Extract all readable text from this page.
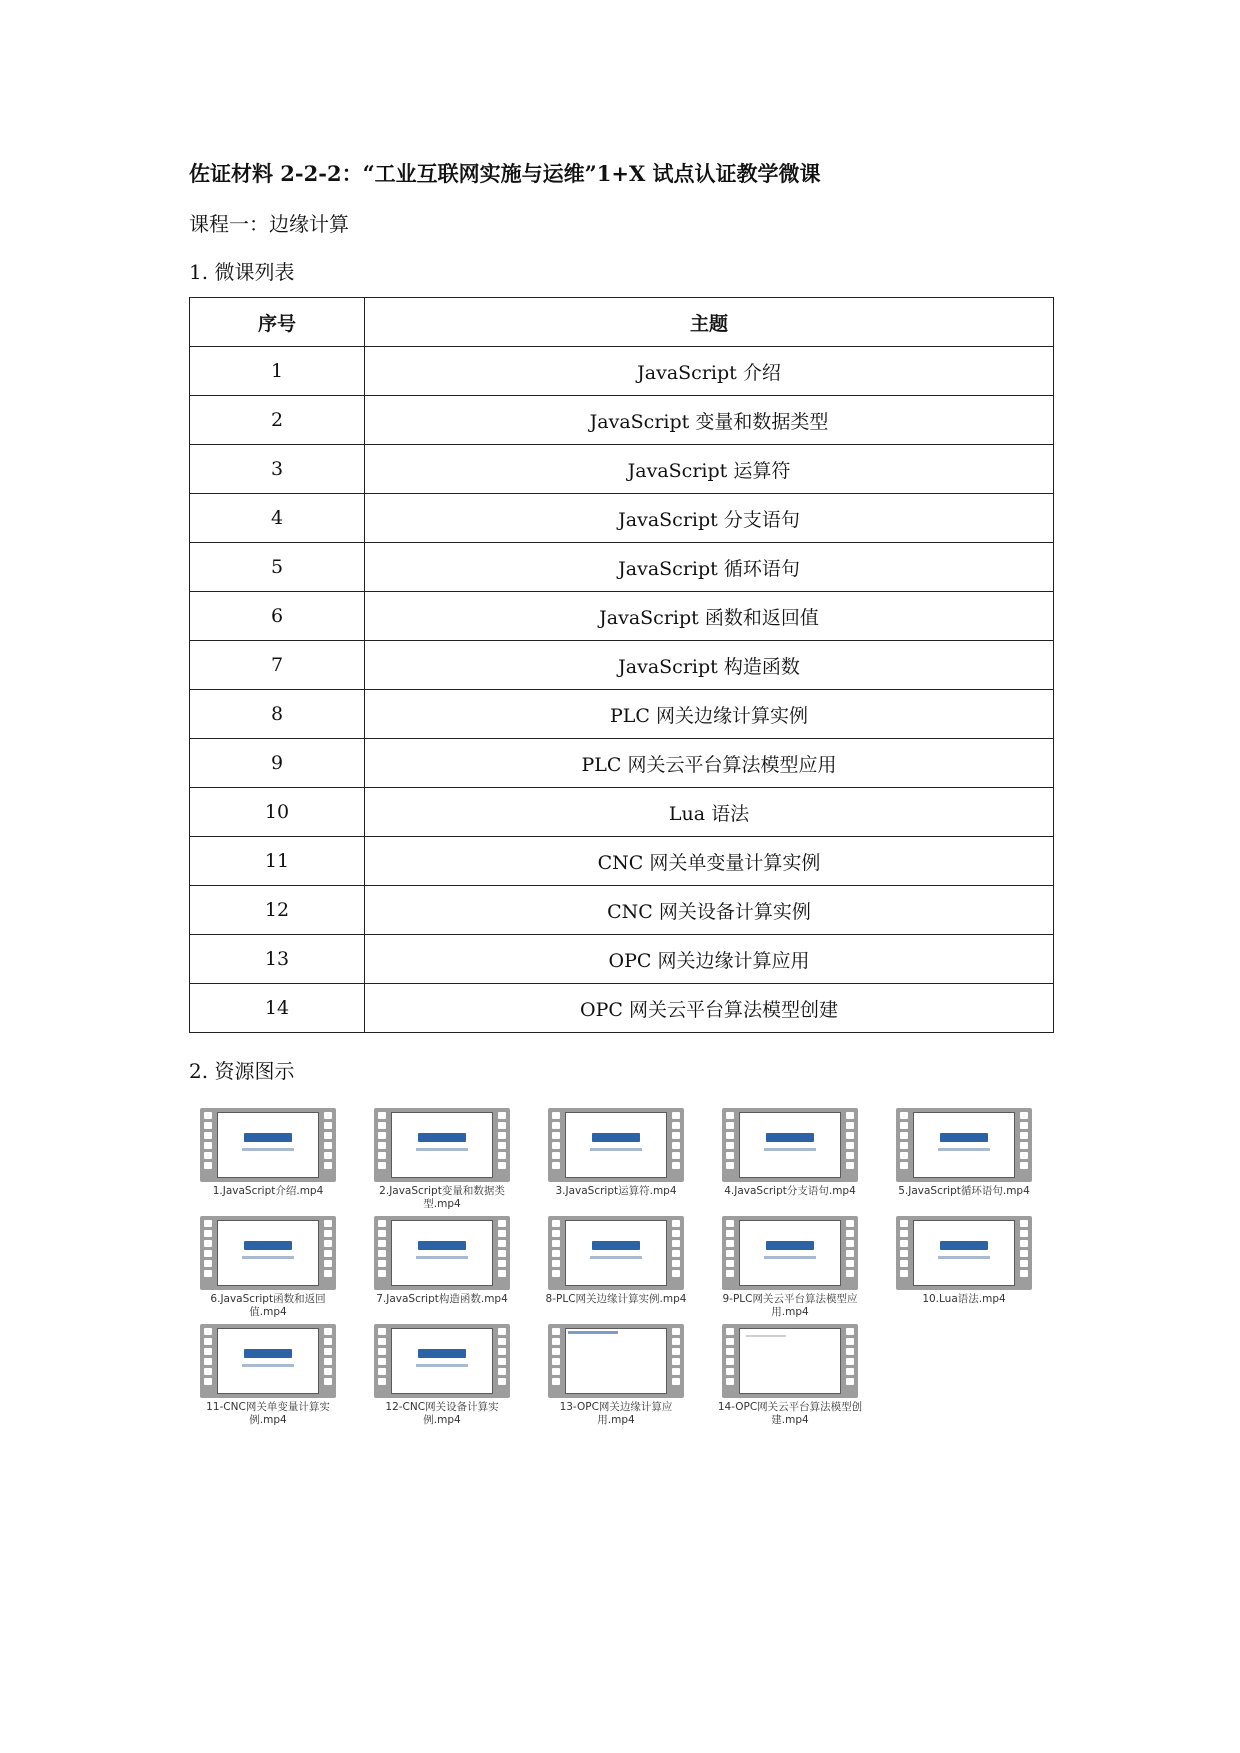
佐证材料 2-2-2：“工业互联网实施与运维”1+X 试点认证教学微课
课程一：边缘计算
1. 微课列表
序号	主题
1	JavaScript 介绍
2	JavaScript 变量和数据类型
3	JavaScript 运算符
4	JavaScript 分支语句
5	JavaScript 循环语句
6	JavaScript 函数和返回值
7	JavaScript 构造函数
8	PLC 网关边缘计算实例
9	PLC 网关云平台算法模型应用
10	Lua 语法
11	CNC 网关单变量计算实例
12	CNC 网关设备计算实例
13	OPC 网关边缘计算应用
14	OPC 网关云平台算法模型创建
2. 资源图示
1.JavaScript介绍.mp4	2.JavaScript变量和数据类型.mp4
3.JavaScript运算符.mp4	4.JavaScript分支语句.mp4	5.JavaScript循环语句.mp4
6.JavaScript函数和返回值.mp4
7.JavaScript构造函数.mp4	8-PLC网关边缘计算实例.mp4	9-PLC网关云平台算法模型应用.mp4
10.Lua语法.mp4
11-CNC网关单变量计算实例.mp4
12-CNC网关设备计算实例.mp4
13-OPC网关边缘计算应用.mp4
14-OPC网关云平台算法模型创建.mp4
